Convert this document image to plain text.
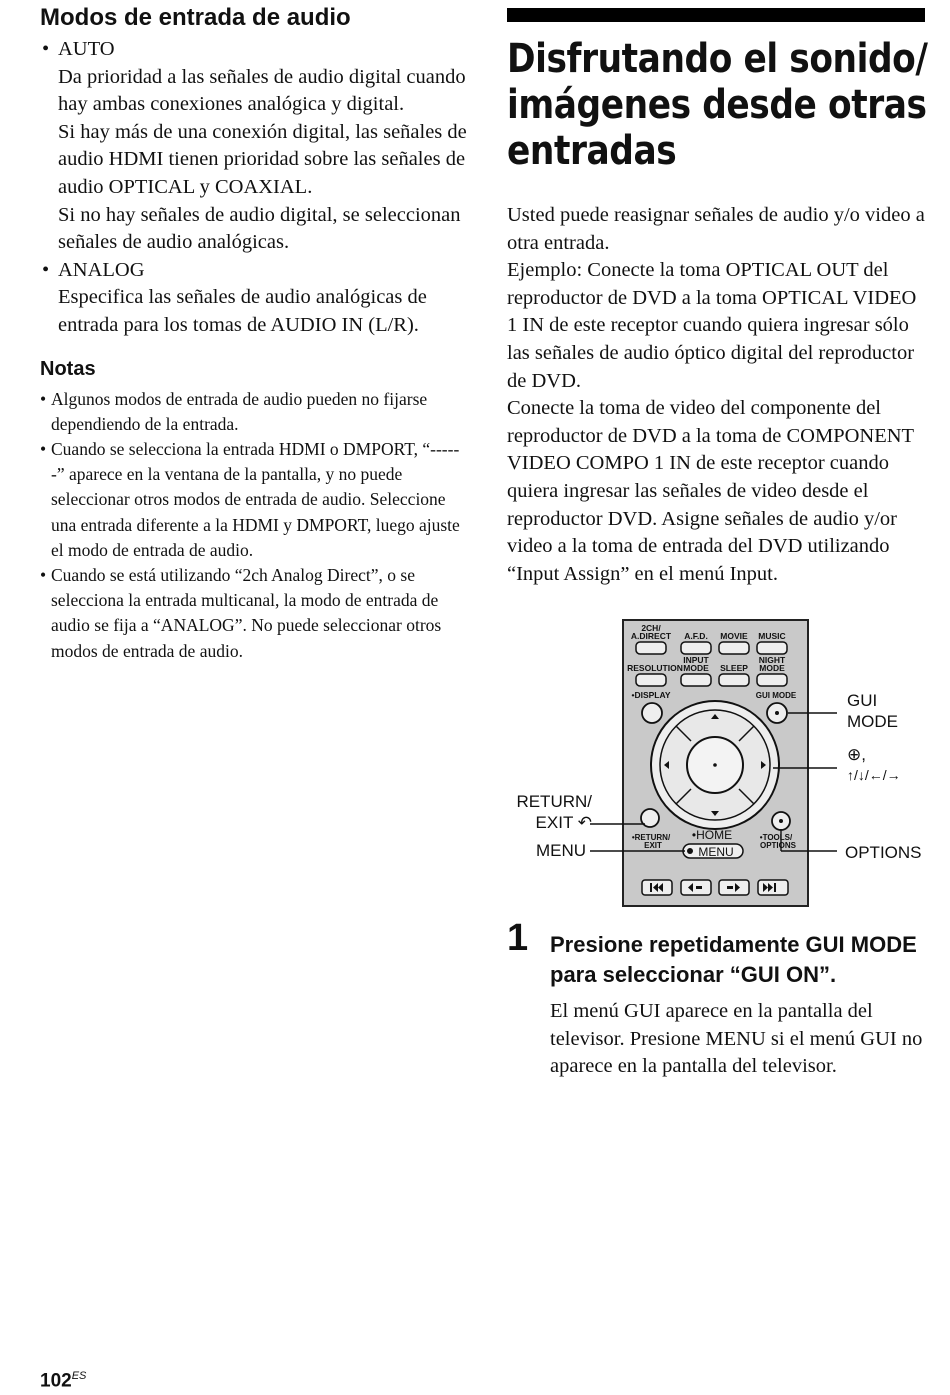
Modos de entrada de audio
• AUTO
Da prioridad a las señales de audio digital cuando hay ambas conexiones analógica y digital.
Si hay más de una conexión digital, las señales de audio HDMI tienen prioridad sobre las señales de audio OPTICAL y COAXIAL.
Si no hay señales de audio digital, se seleccionan señales de audio analógicas.
• ANALOG
Especifica las señales de audio analógicas de entrada para los tomas de AUDIO IN (L/R).
Notas
• Algunos modos de entrada de audio pueden no fijarse dependiendo de la entrada.
• Cuando se selecciona la entrada HDMI o DMPORT, “------” aparece en la ventana de la pantalla, y no puede seleccionar otros modos de entrada de audio. Seleccione una entrada diferente a la HDMI y DMPORT, luego ajuste el modo de entrada de audio.
• Cuando se está utilizando “2ch Analog Direct”, o se selecciona la entrada multicanal, la modo de entrada de audio se fija a “ANALOG”. No puede seleccionar otros modos de entrada de audio.
Disfrutando el sonido/
imágenes desde otras
entradas

Usted puede reasignar señales de audio y/o video a otra entrada.

Ejemplo: Conecte la toma OPTICAL OUT del reproductor de DVD a la toma OPTICAL VIDEO 1 IN de este receptor cuando quiera ingresar sólo las señales de audio óptico digital del reproductor de DVD.

Conecte la toma de video del componente del reproductor de DVD a la toma de COMPONENT VIDEO COMPO 1 IN de este receptor cuando quiera ingresar las señales de video desde el reproductor DVD. Asigne señales de audio y/or video a la toma de entrada del DVD utilizando “Input Assign” en el menú Input.

2CH/
A.DIRECT A.F.D. MOVIE MUSIC
RESOLUTION
INPUT
MODE SLEEP
NIGHT
MODE
•DISPLAY	GUI MODE
•RETURN/
EXIT
•HOME
MENU
•TOOLS/
OPTIONS
GUI
MODE
⊕,
↑/↓/←/→
RETURN/
EXIT ↶
MENU	OPTIONS
1 Presione repetidamente GUI MODE para seleccionar “GUI ON”.
El menú GUI aparece en la pantalla del televisor. Presione MENU si el menú GUI no aparece en la pantalla del televisor.
$102^{ES}$
